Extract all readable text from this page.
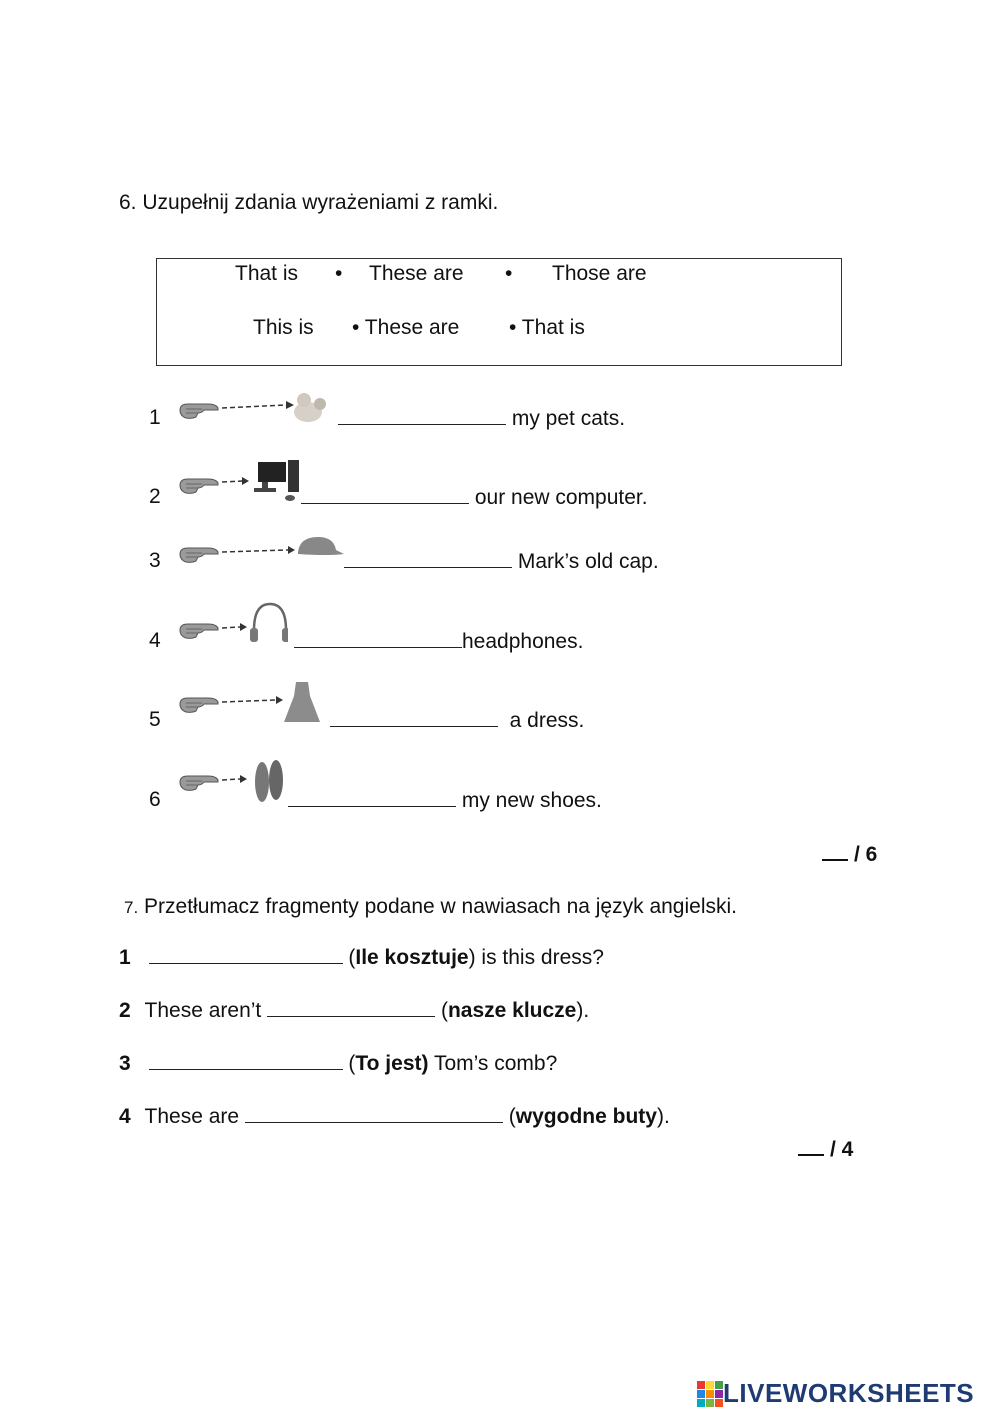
6. Uzupełnij zdania wyrażeniami z ramki.
That is • These are • Those are
This is • These are • That is
1	my pet cats.
2	our new computer.
3	Mark’s old cap.
4	headphones.
5	a dress.
6	my new shoes.
/ 6
7. Przetłumacz fragmenty podane w nawiasach na język angielski.
1	(Ile kosztuje) is this dress?
2 These aren’t	(nasze klucze).
3	(To jest) Tom’s comb?
4 These are	(wygodne buty).
/ 4
LIVEWORKSHEETS
